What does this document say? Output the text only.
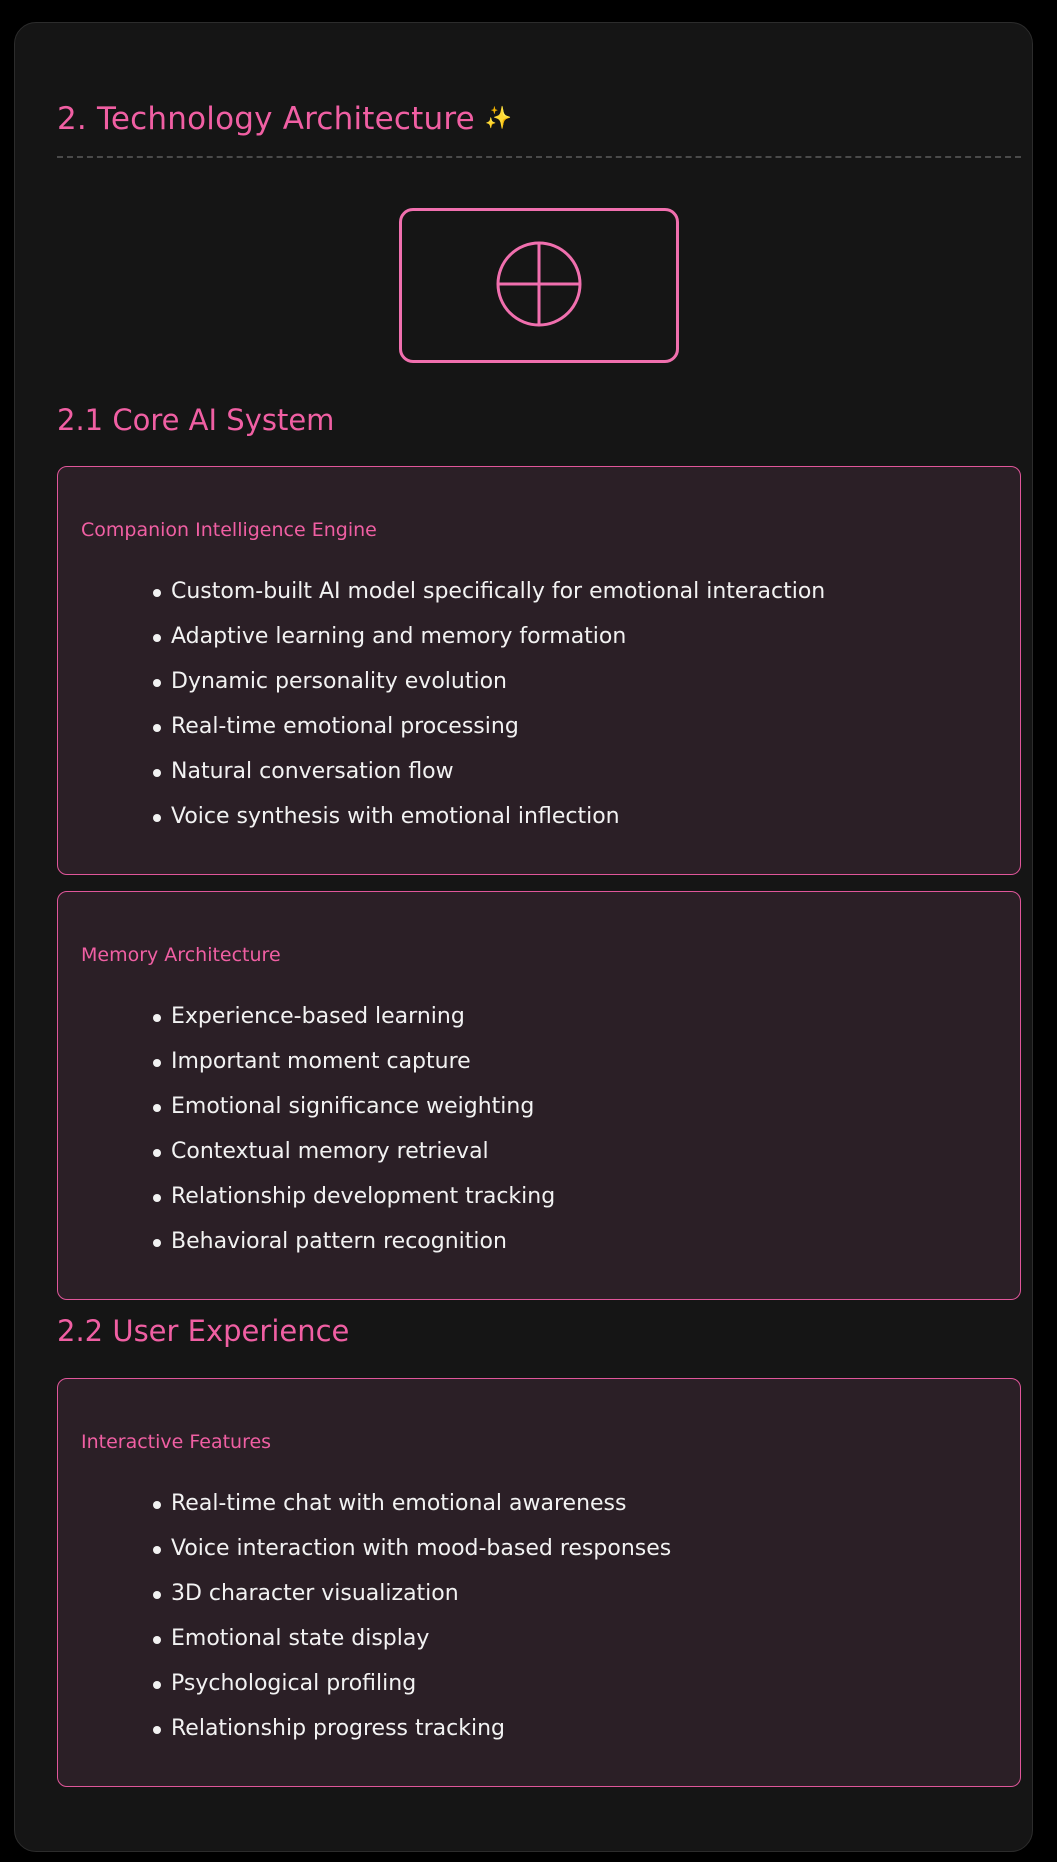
2. Technology Architecture ✨
2.1 Core AI System
Companion Intelligence Engine
Custom-built AI model specifically for emotional interaction
Adaptive learning and memory formation
Dynamic personality evolution
Real-time emotional processing
Natural conversation flow
Voice synthesis with emotional inflection
Memory Architecture
Experience-based learning
Important moment capture
Emotional significance weighting
Contextual memory retrieval
Relationship development tracking
Behavioral pattern recognition
2.2 User Experience
Interactive Features
Real-time chat with emotional awareness
Voice interaction with mood-based responses
3D character visualization
Emotional state display
Psychological profiling
Relationship progress tracking
